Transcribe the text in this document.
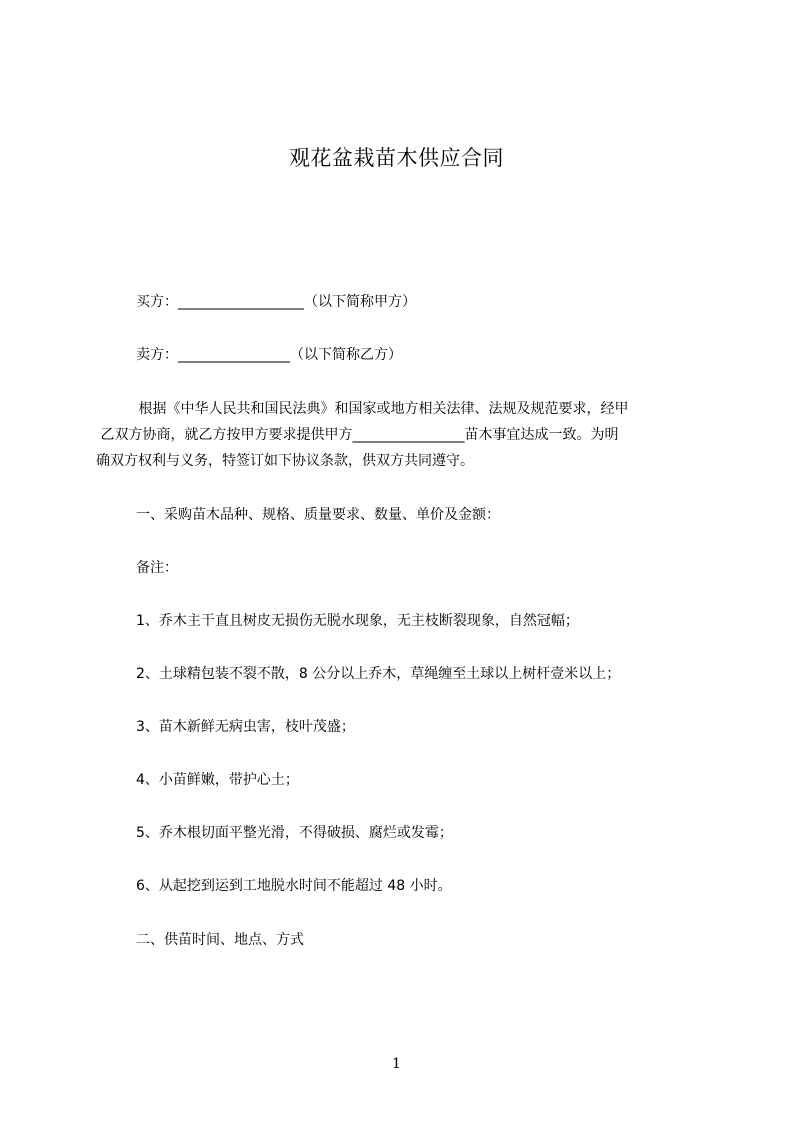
观花盆栽苗木供应合同
买方：__________________（以下简称甲方）
卖方：________________（以下简称乙方）
根据《中华人民共和国民法典》和国家或地方相关法律、法规及规范要求，经甲
乙双方协商，就乙方按甲方要求提供甲方________________苗木事宜达成一致。为明
确双方权利与义务，特签订如下协议条款，供双方共同遵守。
一、采购苗木品种、规格、质量要求、数量、单价及金额：
备注：
1、乔木主干直且树皮无损伤无脱水现象，无主枝断裂现象，自然冠幅；
2、土球精包装不裂不散，8 公分以上乔木，草绳缠至土球以上树杆壹米以上；
3、苗木新鲜无病虫害，枝叶茂盛；
4、小苗鲜嫩，带护心土；
5、乔木根切面平整光滑，不得破损、腐烂或发霉；
6、从起挖到运到工地脱水时间不能超过 48 小时。
二、供苗时间、地点、方式
1
